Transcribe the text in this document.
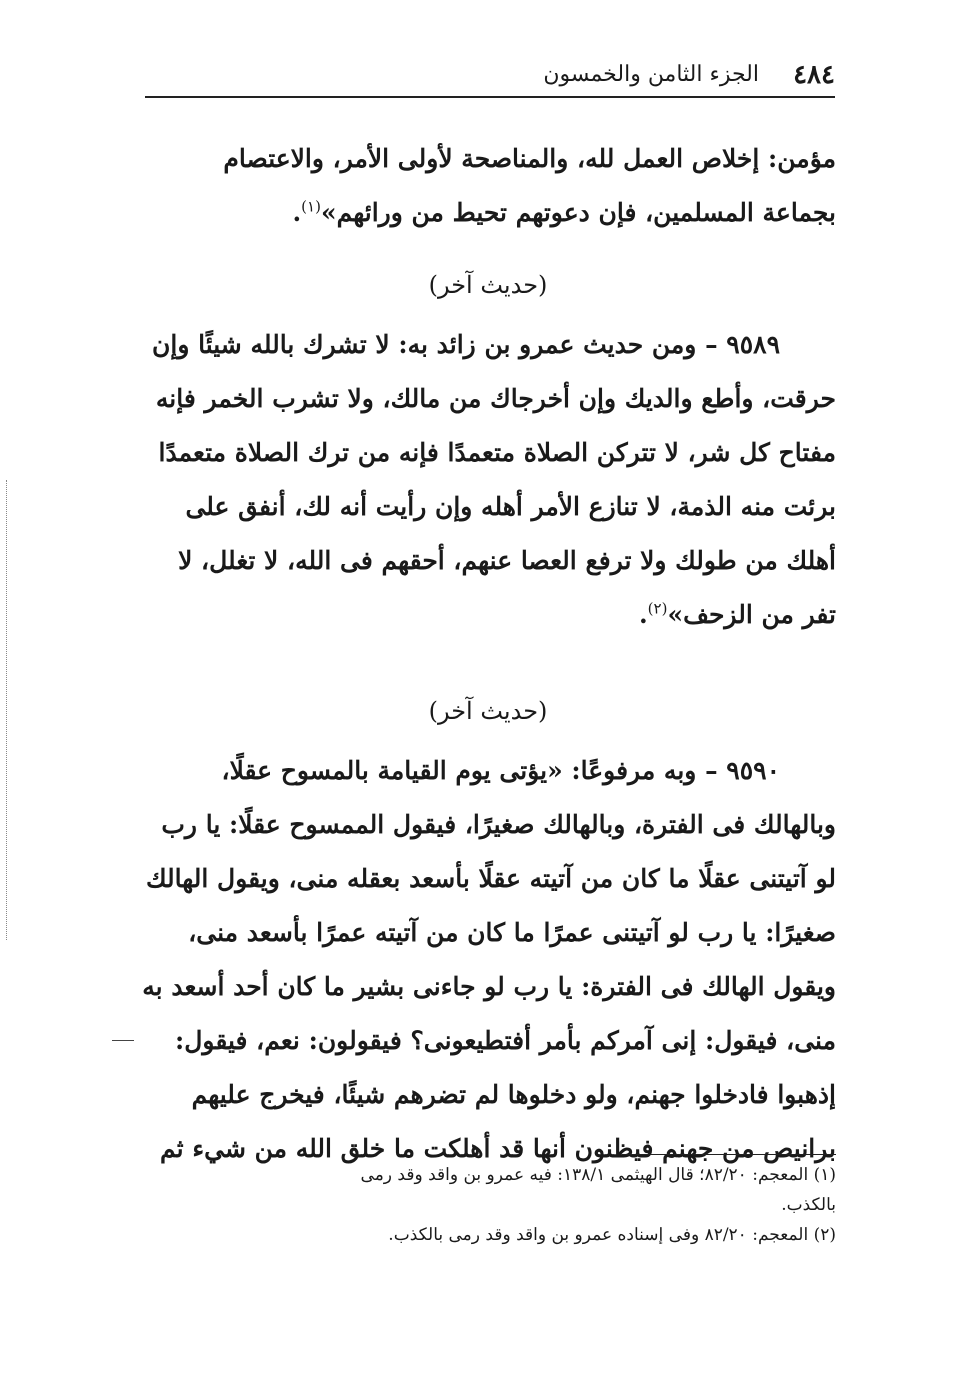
٤٨٤
الجزء الثامن والخمسون
مؤمن: إخلاص العمل لله، والمناصحة لأولى الأمر، والاعتصام
بجماعة المسلمين، فإن دعوتهم تحيط من ورائهم»$^{(١)}$.
(حديث آخر)
٩٥٨٩ – ومن حديث عمرو بن زائد به: لا تشرك بالله شيئًا وإن
حرقت، وأطع والديك وإن أخرجاك من مالك، ولا تشرب الخمر فإنه
مفتاح كل شر، لا تتركن الصلاة متعمدًا فإنه من ترك الصلاة متعمدًا
برئت منه الذمة، لا تنازع الأمر أهله وإن رأيت أنه لك، أنفق على
أهلك من طولك ولا ترفع العصا عنهم، أحقهم فى الله، لا تغلل، لا
تفر من الزحف»$^{(٢)}$.
(حديث آخر)
٩٥٩٠ – وبه مرفوعًا: «يؤتى يوم القيامة بالمسوح عقلًا،
وبالهالك فى الفترة، وبالهالك صغيرًا، فيقول الممسوح عقلًا: يا رب
لو آتيتنى عقلًا ما كان من آتيته عقلًا بأسعد بعقله منى، ويقول الهالك
صغيرًا: يا رب لو آتيتنى عمرًا ما كان من آتيته عمرًا بأسعد منى،
ويقول الهالك فى الفترة: يا رب لو جاءنى بشير ما كان أحد أسعد به
منى، فيقول: إنى آمركم بأمر أفتطيعونى؟ فيقولون: نعم، فيقول:
إذهبوا فادخلوا جهنم، ولو دخلوها لم تضرهم شيئًا، فيخرج عليهم
برانيص من جهنم فيظنون أنها قد أهلكت ما خلق الله من شيء ثم
(١) المعجم: ٨٢/٢٠؛ قال الهيثمى ١٣٨/١: فيه عمرو بن واقد وقد رمى
بالكذب.
(٢) المعجم: ٨٢/٢٠ وفى إسناده عمرو بن واقد وقد رمى بالكذب.
